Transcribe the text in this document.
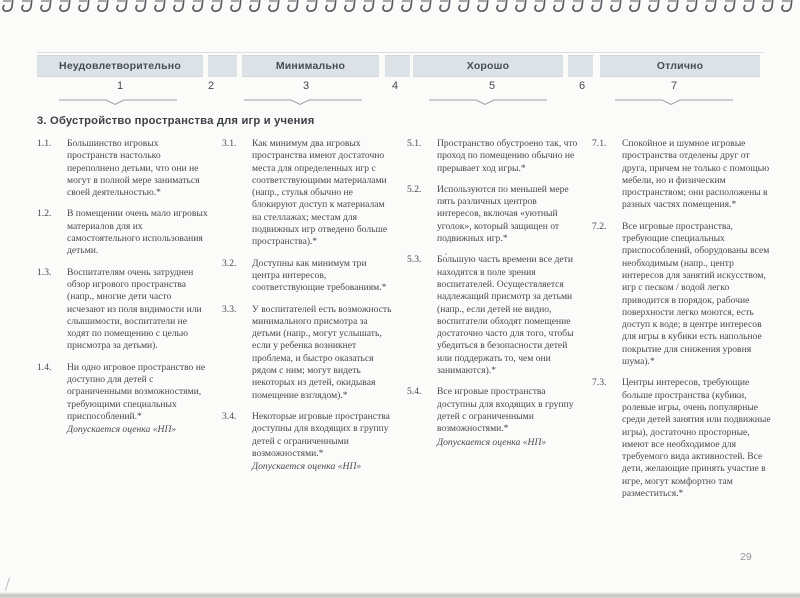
Неудовлетворительно	Минимально	Хорошо	Отлично
1	2	3	4	5	6	7
3. Обустройство пространства для игр и учения
1.1.	Большинство игровых пространств настолько переполнено детьми, что они не могут в полной мере заниматься своей деятельностью.*
1.2.	В помещении очень мало игровых материалов для их самостоятельного использования детьми.
1.3.	Воспитателям очень затруднен обзор игрового пространства (напр., многие дети часто исчезают из поля видимости или слышимости, воспитатели не ходят по помещению с целью присмотра за детьми).
1.4.	Ни одно игровое пространство не доступно для детей с ограниченными возможностями, требующими специальных приспособлений.*
Допускается оценка «НП»
3.1.	Как минимум два игровых пространства имеют достаточно места для определенных игр с соответствующими материалами (напр., стулья обычно не блокируют доступ к материалам на стеллажах; местам для подвижных игр отведено больше пространства).*
3.2.	Доступны как минимум три центра интересов, соответствующие требованиям.*
3.3.	У воспитателей есть возможность минимального присмотра за детьми (напр., могут услышать, если у ребенка возникнет проблема, и быстро оказаться рядом с ним; могут видеть некоторых из детей, окидывая помещение взглядом).*
3.4.	Некоторые игровые пространства доступны для входящих в группу детей с ограниченными возможностями.*
Допускается оценка «НП»
5.1.	Пространство обустроено так, что проход по помещению обычно не прерывает ход игры.*
5.2.	Используются по меньшей мере пять различных центров интересов, включая «уютный уголок», который защищен от подвижных игр.*
5.3.	Бо́льшую часть времени все дети находятся в поле зрения воспитателей. Осуществляется надлежащий присмотр за детьми (напр., если детей не видно, воспитатели обходят помещение достаточно часто для того, чтобы убедиться в безопасности детей или поддержать то, чем они занимаются).*
5.4.	Все игровые пространства доступны для входящих в группу детей с ограниченными возможностями.*
Допускается оценка «НП»
7.1.	Спокойное и шумное игровые пространства отделены друг от друга, причем не только с помощью мебели, но и физическим пространством; они расположены в разных частях помещения.*
7.2.	Все игровые пространства, требующие специальных приспособлений, оборудованы всем необходимым (напр., центр интересов для занятий искусством, игр с песком / водой легко приводится в порядок, рабочие поверхности легко моются, есть доступ к воде; в центре интересов для игры в кубики есть напольное покрытие для снижения уровня шума).*
7.3.	Центры интересов, требующие больше пространства (кубики, ролевые игры, очень популярные среди детей занятия или подвижные игры), достаточно просторные, имеют все необходимое для требуемого вида активностей. Все дети, желающие принять участие в игре, могут комфортно там разместиться.*
29
